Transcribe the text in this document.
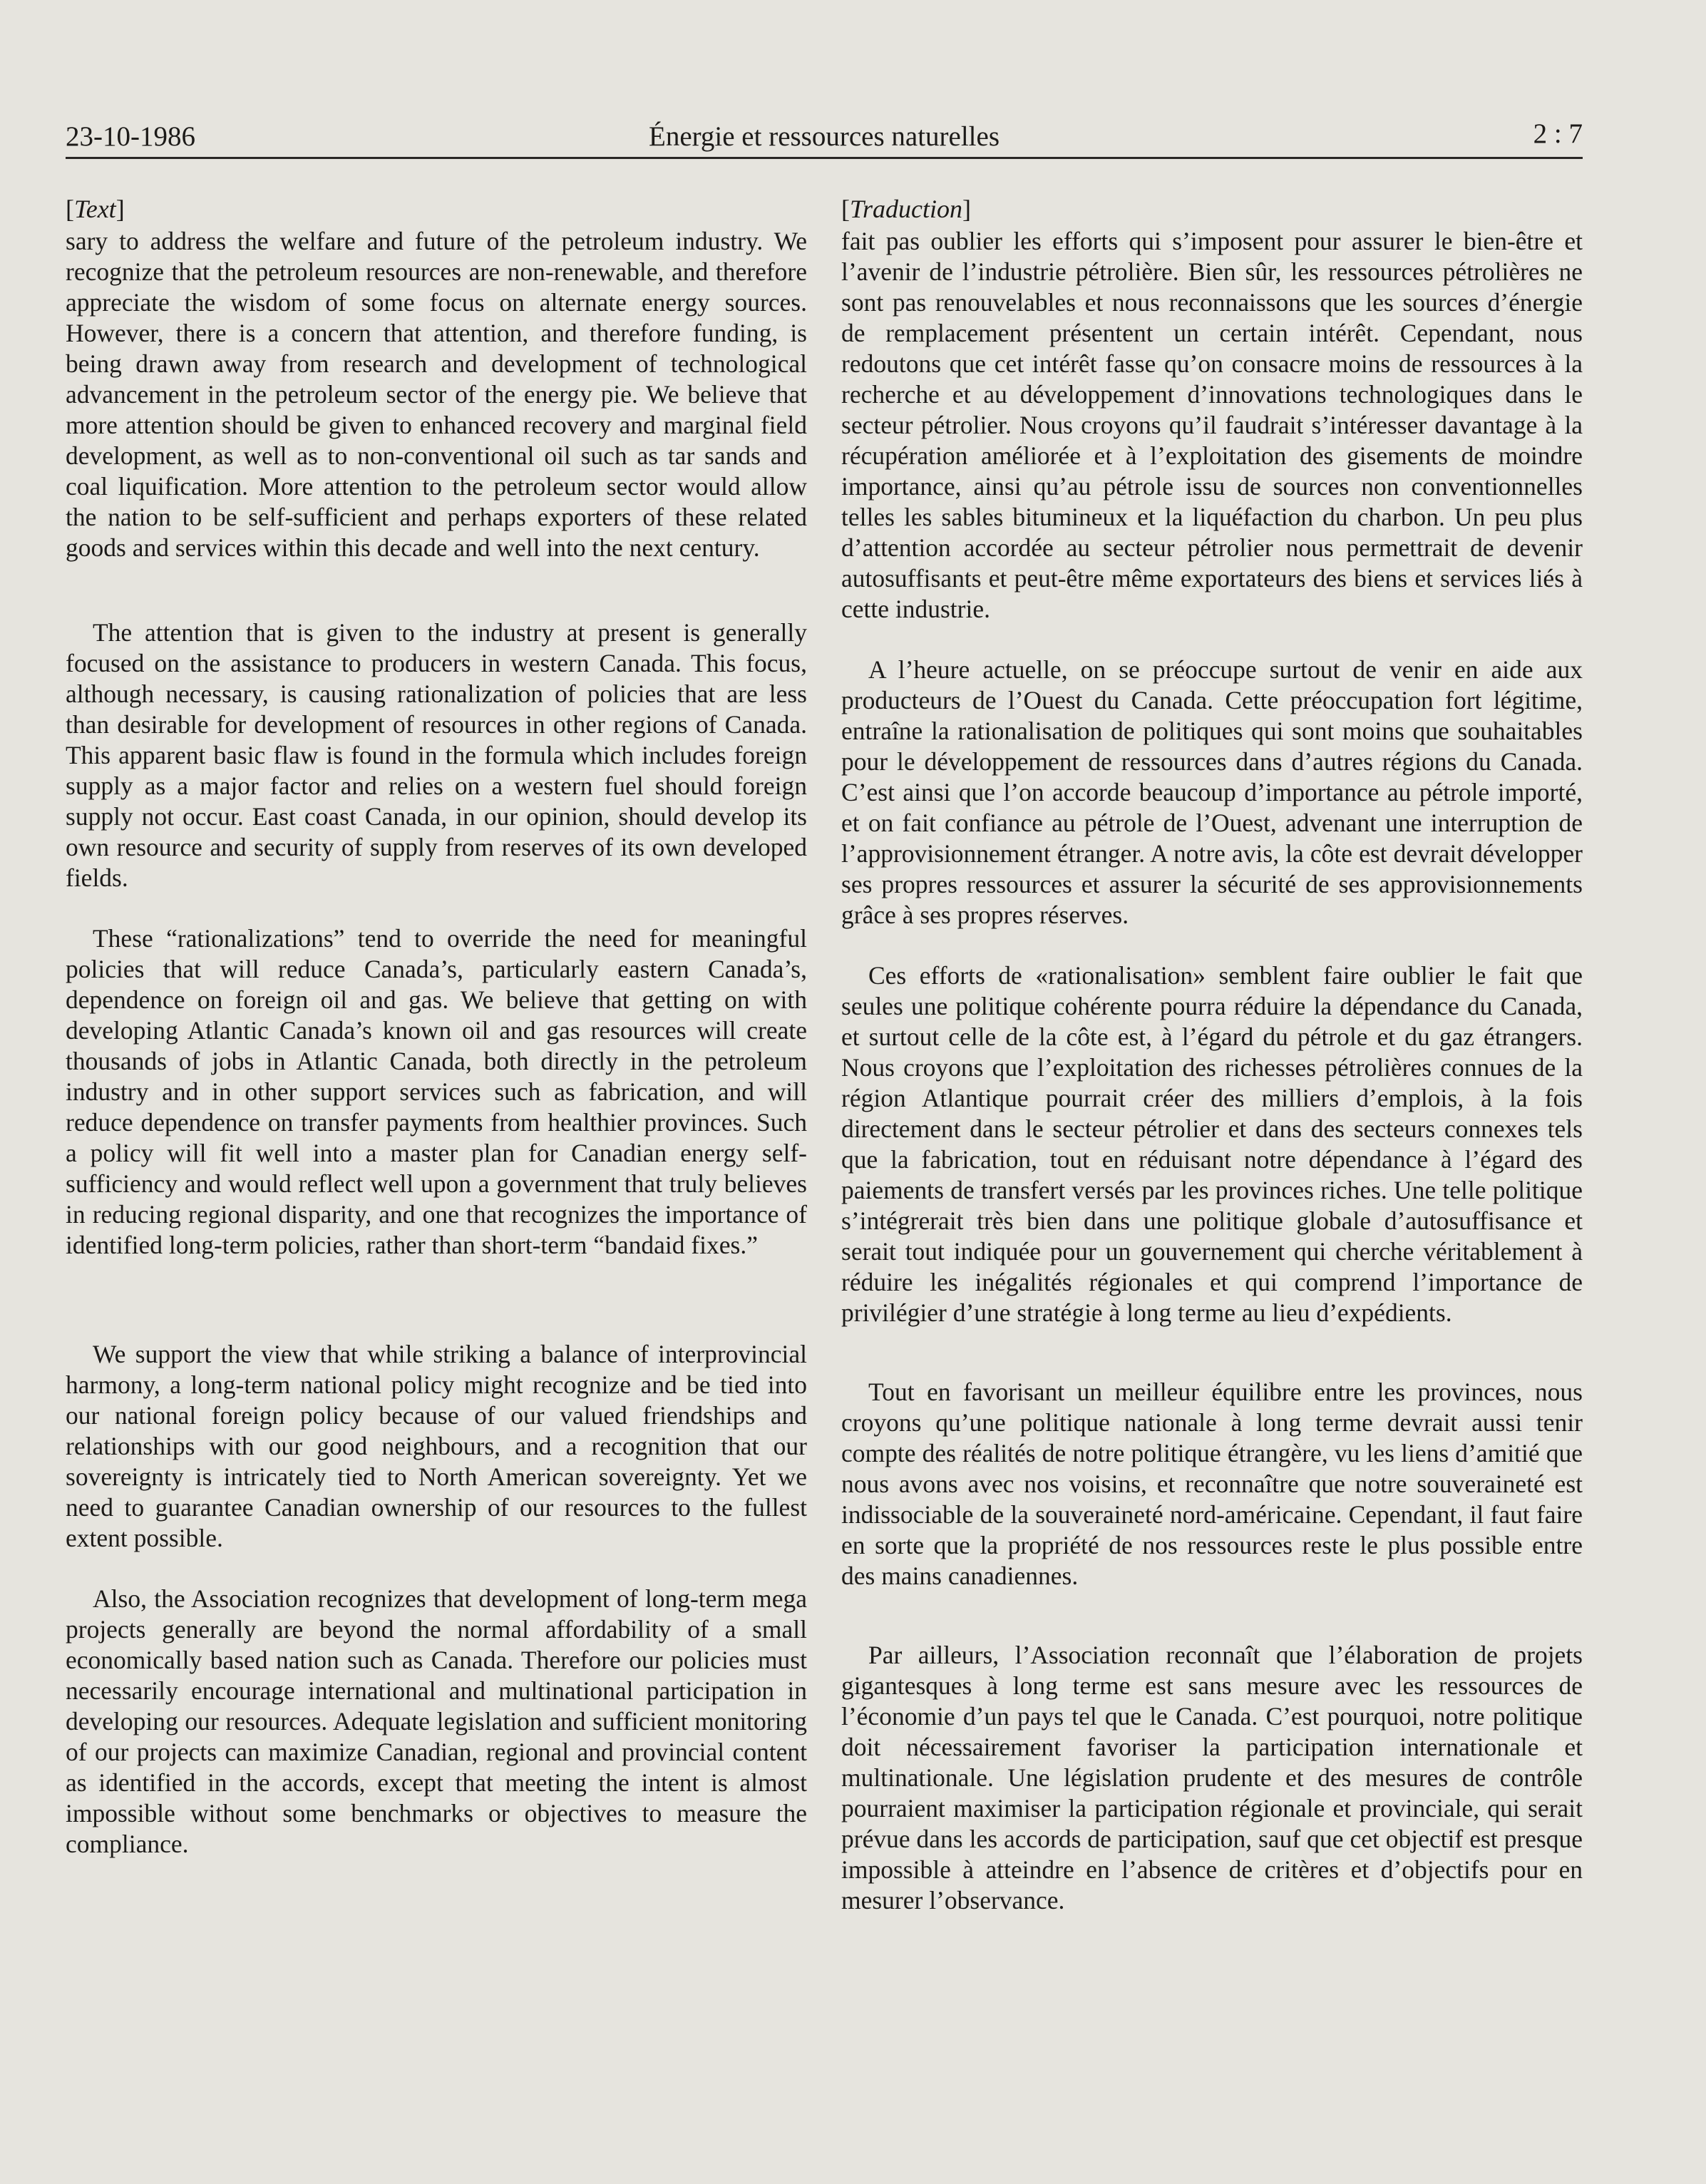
23-10-1986	Énergie et ressources naturelles	2 : 7
[Text]

sary to address the welfare and future of the petroleum industry. We recognize that the petroleum resources are non-renewable, and therefore appreciate the wisdom of some focus on alternate energy sources. However, there is a concern that attention, and therefore funding, is being drawn away from research and development of technological advancement in the petroleum sector of the energy pie. We believe that more attention should be given to enhanced recovery and marginal field development, as well as to non-conventional oil such as tar sands and coal liquification. More attention to the petroleum sector would allow the nation to be self-sufficient and perhaps exporters of these related goods and services within this decade and well into the next century.

The attention that is given to the industry at present is generally focused on the assistance to producers in western Canada. This focus, although necessary, is causing rationalization of policies that are less than desirable for development of resources in other regions of Canada. This apparent basic flaw is found in the formula which includes foreign supply as a major factor and relies on a western fuel should foreign supply not occur. East coast Canada, in our opinion, should develop its own resource and security of supply from reserves of its own developed fields.

These “rationalizations” tend to override the need for meaningful policies that will reduce Canada’s, particularly eastern Canada’s, dependence on foreign oil and gas. We believe that getting on with developing Atlantic Canada’s known oil and gas resources will create thousands of jobs in Atlantic Canada, both directly in the petroleum industry and in other support services such as fabrication, and will reduce dependence on transfer payments from healthier provinces. Such a policy will fit well into a master plan for Canadian energy self-sufficiency and would reflect well upon a government that truly believes in reducing regional disparity, and one that recognizes the importance of identified long-term policies, rather than short-term “bandaid fixes.”

We support the view that while striking a balance of interprovincial harmony, a long-term national policy might recognize and be tied into our national foreign policy because of our valued friendships and relationships with our good neighbours, and a recognition that our sovereignty is intricately tied to North American sovereignty. Yet we need to guarantee Canadian ownership of our resources to the fullest extent possible.

Also, the Association recognizes that development of long-term mega projects generally are beyond the normal affordability of a small economically based nation such as Canada. Therefore our policies must necessarily encourage international and multinational participation in developing our resources. Adequate legislation and sufficient monitoring of our projects can maximize Canadian, regional and provincial content as identified in the accords, except that meeting the intent is almost impossible without some benchmarks or objectives to measure the compliance.

[Traduction]

fait pas oublier les efforts qui s’imposent pour assurer le bien-être et l’avenir de l’industrie pétrolière. Bien sûr, les ressources pétrolières ne sont pas renouvelables et nous reconnaissons que les sources d’énergie de remplacement présentent un certain intérêt. Cependant, nous redoutons que cet intérêt fasse qu’on consacre moins de ressources à la recherche et au développement d’innovations technologiques dans le secteur pétrolier. Nous croyons qu’il faudrait s’intéresser davantage à la récupération améliorée et à l’exploitation des gisements de moindre importance, ainsi qu’au pétrole issu de sources non conventionnelles telles les sables bitumineux et la liquéfaction du charbon. Un peu plus d’attention accordée au secteur pétrolier nous permettrait de devenir autosuffisants et peut-être même exportateurs des biens et services liés à cette industrie.

A l’heure actuelle, on se préoccupe surtout de venir en aide aux producteurs de l’Ouest du Canada. Cette préoccupation fort légitime, entraîne la rationalisation de politiques qui sont moins que souhaitables pour le développement de ressources dans d’autres régions du Canada. C’est ainsi que l’on accorde beaucoup d’importance au pétrole importé, et on fait confiance au pétrole de l’Ouest, advenant une interruption de l’approvisionnement étranger. A notre avis, la côte est devrait développer ses propres ressources et assurer la sécurité de ses approvisionnements grâce à ses propres réserves.

Ces efforts de «rationalisation» semblent faire oublier le fait que seules une politique cohérente pourra réduire la dépendance du Canada, et surtout celle de la côte est, à l’égard du pétrole et du gaz étrangers. Nous croyons que l’exploitation des richesses pétrolières connues de la région Atlantique pourrait créer des milliers d’emplois, à la fois directement dans le secteur pétrolier et dans des secteurs connexes tels que la fabrication, tout en réduisant notre dépendance à l’égard des paiements de transfert versés par les provinces riches. Une telle politique s’intégrerait très bien dans une politique globale d’autosuffisance et serait tout indiquée pour un gouvernement qui cherche véritablement à réduire les inégalités régionales et qui comprend l’importance de privilégier d’une stratégie à long terme au lieu d’expédients.

Tout en favorisant un meilleur équilibre entre les provinces, nous croyons qu’une politique nationale à long terme devrait aussi tenir compte des réalités de notre politique étrangère, vu les liens d’amitié que nous avons avec nos voisins, et reconnaître que notre souveraineté est indissociable de la souveraineté nord-américaine. Cependant, il faut faire en sorte que la propriété de nos ressources reste le plus possible entre des mains canadiennes.

Par ailleurs, l’Association reconnaît que l’élaboration de projets gigantesques à long terme est sans mesure avec les ressources de l’économie d’un pays tel que le Canada. C’est pourquoi, notre politique doit nécessairement favoriser la participation internationale et multinationale. Une législation prudente et des mesures de contrôle pourraient maximiser la participation régionale et provinciale, qui serait prévue dans les accords de participation, sauf que cet objectif est presque impossible à atteindre en l’absence de critères et d’objectifs pour en mesurer l’observance.
